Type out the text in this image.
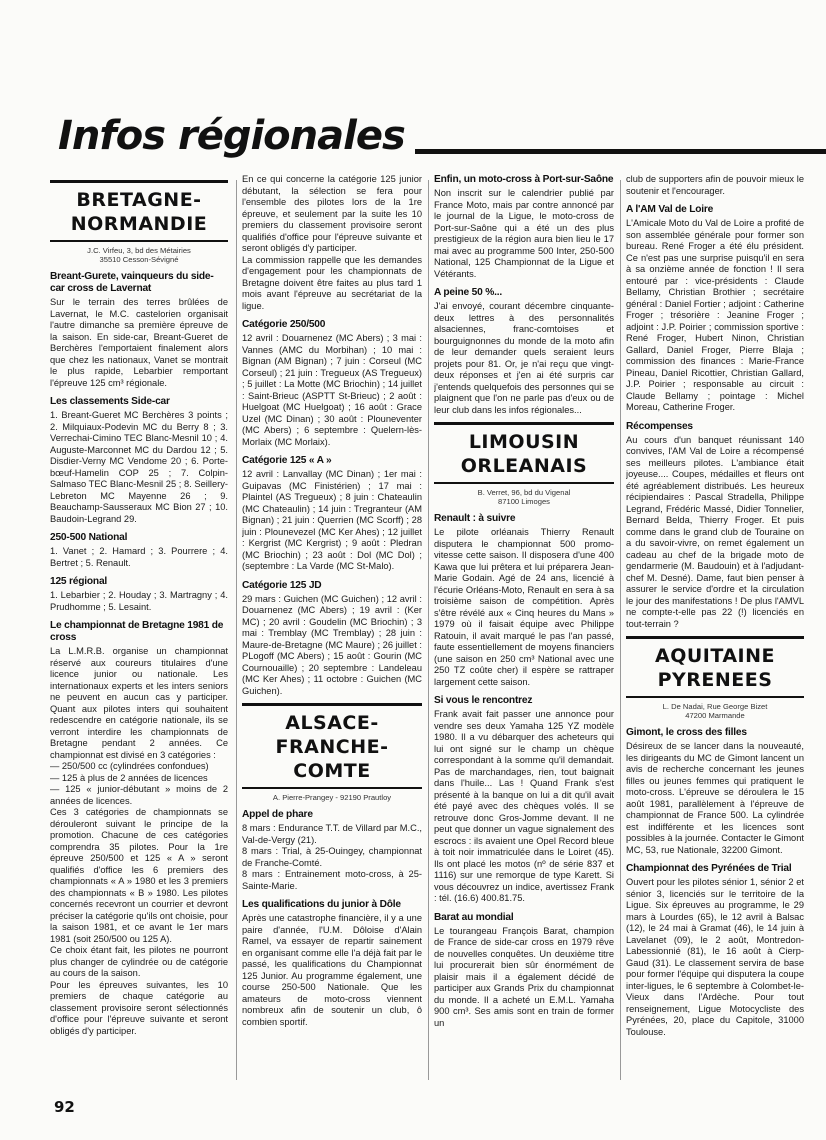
Infos régionales
BRETAGNE-
NORMANDIE
J.C. Virfeu, 3, bd des Métairies
35510 Cesson-Sévigné
Breant-Gurete, vainqueurs du side-car cross de Lavernat

Sur le terrain des terres brûlées de Lavernat, le M.C. castelorien organisait l'autre dimanche sa première épreuve de la saison. En side-car, Breant-Gueret de Berchères l'emportaient finalement alors que chez les nationaux, Vanet se montrait le plus rapide, Lebarbier remportant l'épreuve 125 cm³ régionale.

Les classements Side-car

1. Breant-Gueret MC Berchères 3 points ; 2. Milquiaux-Podevin MC du Berry 8 ; 3. Verrechai-Cimino TEC Blanc-Mesnil 10 ; 4. Auguste-Marconnet MC du Dardou 12 ; 5. Disdier-Verny MC Vendome 20 ; 6. Porte-bœuf-Hamelin COP 25 ; 7. Colpin-Salmaso TEC Blanc-Mesnil 25 ; 8. Seillery-Lebreton MC Mayenne 26 ; 9. Beauchamp-Sausseraux MC Bion 27 ; 10. Baudoin-Legrand 29.

250-500 National

1. Vanet ; 2. Hamard ; 3. Pourrere ; 4. Bertret ; 5. Renault.

125 régional

1. Lebarbier ; 2. Houday ; 3. Martragny ; 4. Prudhomme ; 5. Lesaint.

Le championnat de Bretagne 1981 de cross

La L.M.R.B. organise un championnat réservé aux coureurs titulaires d'une licence junior ou nationale. Les internationaux experts et les inters seniors ne peuvent en aucun cas y participer. Quant aux pilotes inters qui souhaitent redescendre en catégorie nationale, ils se verront interdire les championnats de Bretagne pendant 2 années. Ce championnat est divisé en 3 catégories :

— 250/500 cc (cylindrées confondues)

— 125 à plus de 2 années de licences

— 125 « junior-débutant » moins de 2 années de licences.

Ces 3 catégories de championnats se dérouleront suivant le principe de la promotion. Chacune de ces catégories comprendra 35 pilotes. Pour la 1re épreuve 250/500 et 125 « A » seront qualifiés d'office les 6 premiers des championnats « A » 1980 et les 3 premiers des championnats « B » 1980. Les pilotes concernés recevront un courrier et devront préciser la catégorie qu'ils ont choisie, pour la saison 1981, et ce avant le 1er mars 1981 (soit 250/500 ou 125 A).

Ce choix étant fait, les pilotes ne pourront plus changer de cylindrée ou de catégorie au cours de la saison.

Pour les épreuves suivantes, les 10 premiers de chaque catégorie au classement provisoire seront sélectionnés d'office pour l'épreuve suivante et seront obligés d'y participer.

En ce qui concerne la catégorie 125 junior débutant, la sélection se fera pour l'ensemble des pilotes lors de la 1re épreuve, et seulement par la suite les 10 premiers du classement provisoire seront qualifiés d'office pour l'épreuve suivante et seront obligés d'y participer.

La commission rappelle que les demandes d'engagement pour les championnats de Bretagne doivent être faites au plus tard 1 mois avant l'épreuve au secrétariat de la ligue.

Catégorie 250/500

12 avril : Douarnenez (MC Abers) ; 3 mai : Vannes (AMC du Morbihan) ; 10 mai : Bignan (AM Bignan) ; 7 juin : Corseul (MC Corseul) ; 21 juin : Tregueux (AS Tregueux) ; 5 juillet : La Motte (MC Briochin) ; 14 juillet : Saint-Brieuc (ASPTT St-Brieuc) ; 2 août : Huelgoat (MC Huelgoat) ; 16 août : Grace Uzel (MC Dinan) ; 30 août : Plouneventer (MC Abers) ; 6 septembre : Quelern-lès-Morlaix (MC Morlaix).

Catégorie 125 « A »

12 avril : Lanvallay (MC Dinan) ; 1er mai : Guipavas (MC Finistérien) ; 17 mai : Plaintel (AS Tregueux) ; 8 juin : Chateaulin (MC Chateaulin) ; 14 juin : Tregranteur (AM Bignan) ; 21 juin : Querrien (MC Scorff) ; 28 juin : Plounevezel (MC Ker Ahes) ; 12 juillet : Kergrist (MC Kergrist) ; 9 août : Pledran (MC Briochin) ; 23 août : Dol (MC Dol) ; (septembre : La Varde (MC St-Malo).

Catégorie 125 JD

29 mars : Guichen (MC Guichen) ; 12 avril : Douarnenez (MC Abers) ; 19 avril : (Ker MC) ; 20 avril : Goudelin (MC Briochin) ; 3 mai : Tremblay (MC Tremblay) ; 28 juin : Maure-de-Bretagne (MC Maure) ; 26 juillet : PLogoff (MC Abers) ; 15 août : Gourin (MC Cournouaille) ; 20 septembre : Landeleau (MC Ker Ahes) ; 11 octobre : Guichen (MC Guichen).

ALSACE-
FRANCHE-
COMTE
A. Pierre-Prangey - 92190 Prautloy
Appel de phare

8 mars : Endurance T.T. de Villard par M.C., Val-de-Vergy (21).

8 mars : Trial, à 25-Ouingey, championnat de Franche-Comté.

8 mars : Entrainement moto-cross, à 25-Sainte-Marie.

Les qualifications du junior à Dôle

Après une catastrophe financière, il y a une paire d'année, l'U.M. Dôloise d'Alain Ramel, va essayer de repartir sainement en organisant comme elle l'a déjà fait par le passé, les qualifications du Championnat 125 Junior. Au programme également, une course 250-500 Nationale. Que les amateurs de moto-cross viennent nombreux afin de soutenir un club, ô combien sportif.

Enfin, un moto-cross à Port-sur-Saône

Non inscrit sur le calendrier publié par France Moto, mais par contre annoncé par le journal de la Ligue, le moto-cross de Port-sur-Saône qui a été un des plus prestigieux de la région aura bien lieu le 17 mai avec au programme 500 Inter, 250-500 National, 125 Championnat de la Ligue et Vétérants.

A peine 50 %...

J'ai envoyé, courant décembre cinquante-deux lettres à des personnalités alsaciennes, franc-comtoises et bourguignonnes du monde de la moto afin de leur demander quels seraient leurs projets pour 81. Or, je n'ai reçu que vingt-deux réponses et j'en ai été surpris car j'entends quelquefois des personnes qui se plaignent que l'on ne parle pas d'eux ou de leur club dans les infos régionales...

LIMOUSIN
ORLEANAIS
B. Verret, 96, bd du Vigenal
87100 Limoges
Renault : à suivre

Le pilote orléanais Thierry Renault disputera le championnat 500 promo-vitesse cette saison. Il disposera d'une 400 Kawa que lui prêtera et lui préparera Jean-Marie Godain. Agé de 24 ans, licencié à l'écurie Orléans-Moto, Renault en sera à sa troisième saison de compétition. Après s'être révélé aux « Cinq heures du Mans » 1979 où il faisait équipe avec Philippe Ratouin, il avait marqué le pas l'an passé, faute essentiellement de moyens financiers (une saison en 250 cm³ National avec une 250 TZ coûte cher) il espère se rattraper largement cette saison.

Si vous le rencontrez

Frank avait fait passer une annonce pour vendre ses deux Yamaha 125 YZ modèle 1980. Il a vu débarquer des acheteurs qui lui ont signé sur le champ un chèque correspondant à la somme qu'il demandait. Pas de marchandages, rien, tout baignait dans l'huile... Las ! Quand Frank s'est présenté à la banque on lui a dit qu'il avait été payé avec des chèques volés. Il se retrouve donc Gros-Jomme devant. Il ne peut que donner un vague signalement des escrocs : ils avaient une Opel Record bleue à toit noir immatriculée dans le Loiret (45). Ils ont placé les motos (nº de série 837 et 1116) sur une remorque de type Karett. Si vous découvrez un indice, avertissez Frank : tél. (16.6) 400.81.75.

Barat au mondial

Le tourangeau François Barat, champion de France de side-car cross en 1979 rêve de nouvelles conquêtes. Un deuxième titre lui procurerait bien sûr énormément de plaisir mais il a également décidé de participer aux Grands Prix du championnat du monde. Il a acheté un E.M.L. Yamaha 900 cm³. Ses amis sont en train de former un

club de supporters afin de pouvoir mieux le soutenir et l'encourager.

A l'AM Val de Loire

L'Amicale Moto du Val de Loire a profité de son assemblée générale pour former son bureau. René Froger a été élu président. Ce n'est pas une surprise puisqu'il en sera à sa onzième année de fonction ! Il sera entouré par : vice-présidents : Claude Bellamy, Christian Brothier ; secrétaire général : Daniel Fortier ; adjoint : Catherine Froger ; trésorière : Jeanine Froger ; adjoint : J.P. Poirier ; commission sportive : René Froger, Hubert Ninon, Christian Gallard, Daniel Froger, Pierre Blaja ; commission des finances : Marie-France Pineau, Daniel Ricottier, Christian Gallard, J.P. Poirier ; responsable au circuit : Claude Bellamy ; pointage : Michel Moreau, Catherine Froger.

Récompenses

Au cours d'un banquet réunissant 140 convives, l'AM Val de Loire a récompensé ses meilleurs pilotes. L'ambiance était joyeuse.... Coupes, médailles et fleurs ont été agréablement distribués. Les heureux récipiendaires : Pascal Stradella, Philippe Legrand, Frédéric Massé, Didier Tonnelier, Bernard Belda, Thierry Froger. Et puis comme dans le grand club de Touraine on a du savoir-vivre, on remet également un cadeau au chef de la brigade moto de gendarmerie (M. Baudouin) et à l'adjudant-chef M. Desné). Dame, faut bien penser à assurer le service d'ordre et la circulation le jour des manifestations ! De plus l'AMVL ne compte-t-elle pas 22 (!) licenciés en tout-terrain ?

AQUITAINE
PYRENEES
L. De Nadai, Rue George Bizet
47200 Marmande
Gimont, le cross des filles

Désireux de se lancer dans la nouveauté, les dirigeants du MC de Gimont lancent un avis de recherche concernant les jeunes filles ou jeunes femmes qui pratiquent le moto-cross. L'épreuve se déroulera le 15 août 1981, parallèlement à l'épreuve de championnat de France 500. La cylindrée est indifférente et les licences sont possibles à la journée. Contacter le Gimont MC, 53, rue Nationale, 32200 Gimont.

Championnat des Pyrénées de Trial

Ouvert pour les pilotes sénior 1, sénior 2 et sénior 3, licenciés sur le territoire de la Ligue. Six épreuves au programme, le 29 mars à Lourdes (65), le 12 avril à Balsac (12), le 24 mai à Gramat (46), le 14 juin à Lavelanet (09), le 2 août, Montredon-Labessionnié (81), le 16 août à Cierp-Gaud (31). Le classement servira de base pour former l'équipe qui disputera la coupe inter-ligues, le 6 septembre à Colombet-le-Vieux dans l'Ardèche. Pour tout renseignement, Ligue Motocycliste des Pyrénées, 20, place du Capitole, 31000 Toulouse.

92
